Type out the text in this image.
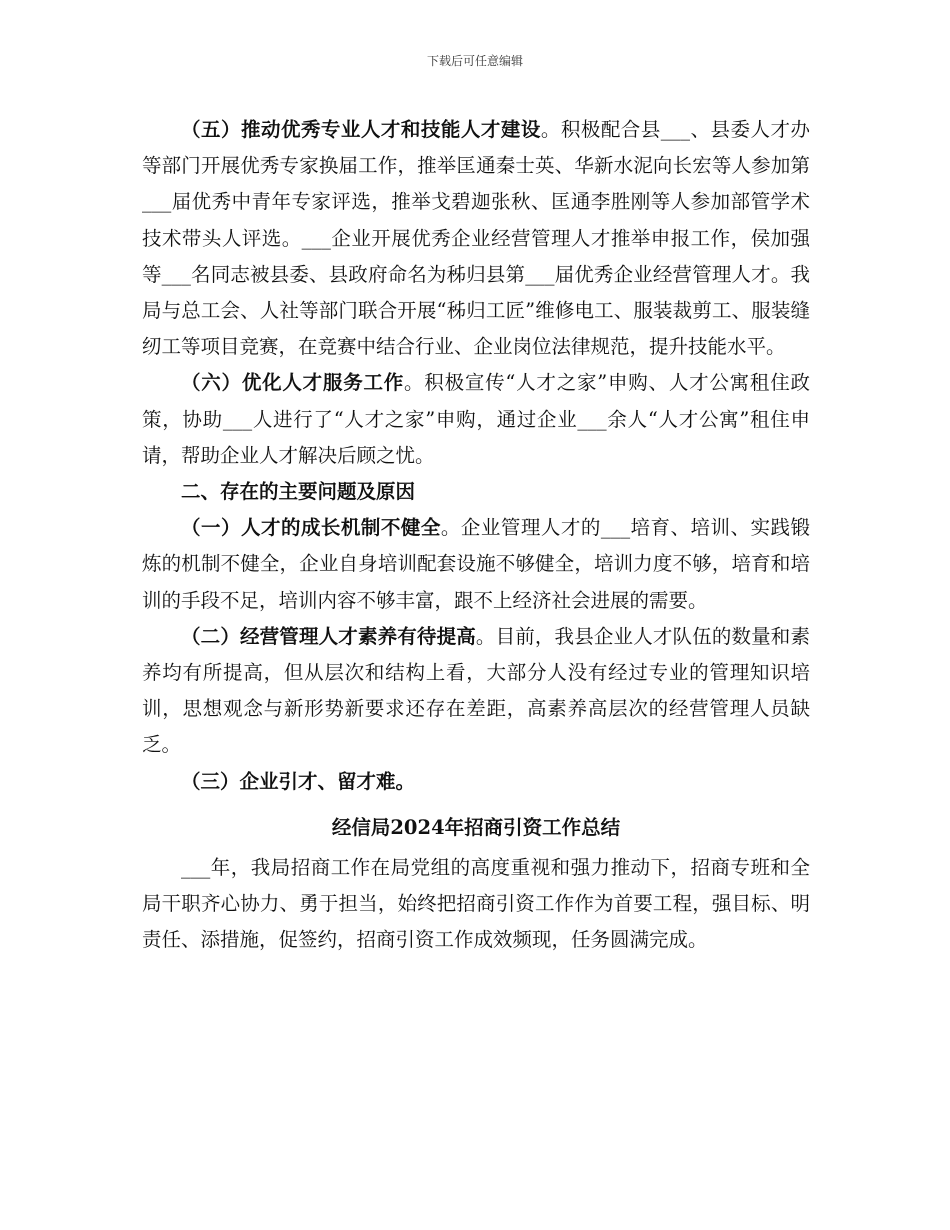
下载后可任意编辑

（五）推动优秀专业人才和技能人才建设。积极配合县___、县委人才办等部门开展优秀专家换届工作，推举匡通秦士英、华新水泥向长宏等人参加第___届优秀中青年专家评选，推举戈碧迦张秋、匡通李胜刚等人参加部管学术技术带头人评选。___企业开展优秀企业经营管理人才推举申报工作，侯加强等___名同志被县委、县政府命名为秭归县第___届优秀企业经营管理人才。我局与总工会、人社等部门联合开展“秭归工匠”维修电工、服装裁剪工、服装缝纫工等项目竞赛，在竞赛中结合行业、企业岗位法律规范，提升技能水平。

（六）优化人才服务工作。积极宣传“人才之家”申购、人才公寓租住政策，协助___人进行了“人才之家”申购，通过企业___余人“人才公寓”租住申请，帮助企业人才解决后顾之忧。

二、存在的主要问题及原因

（一）人才的成长机制不健全。企业管理人才的___培育、培训、实践锻炼的机制不健全，企业自身培训配套设施不够健全，培训力度不够，培育和培训的手段不足，培训内容不够丰富，跟不上经济社会进展的需要。

（二）经营管理人才素养有待提高。目前，我县企业人才队伍的数量和素养均有所提高，但从层次和结构上看，大部分人没有经过专业的管理知识培训，思想观念与新形势新要求还存在差距，高素养高层次的经营管理人员缺乏。

（三）企业引才、留才难。

经信局2024年招商引资工作总结

___年，我局招商工作在局党组的高度重视和强力推动下，招商专班和全局干职齐心协力、勇于担当，始终把招商引资工作作为首要工程，强目标、明责任、添措施，促签约，招商引资工作成效频现，任务圆满完成。
